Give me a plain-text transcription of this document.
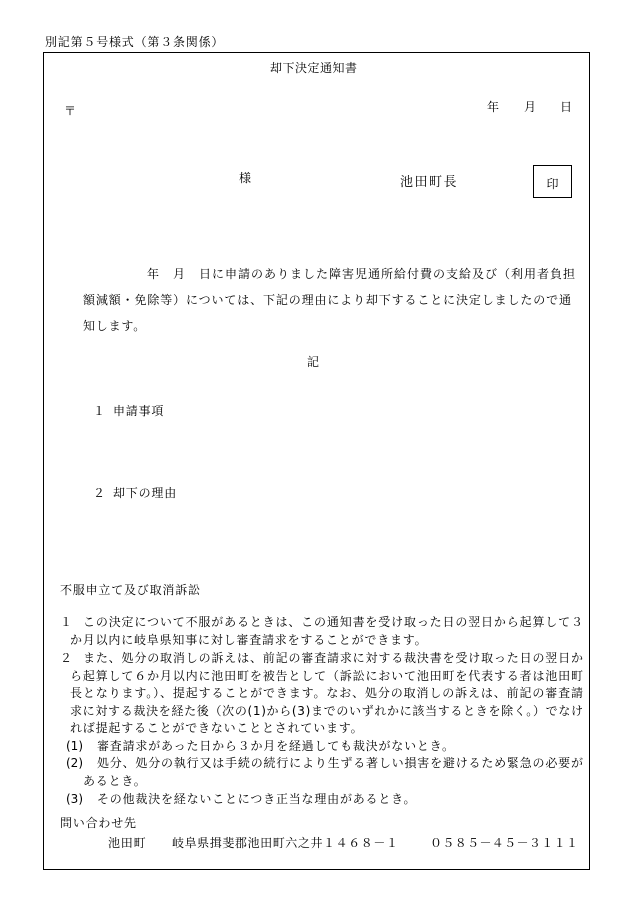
別記第５号様式（第３条関係）
却下決定通知書
〒	年 月 日
様	池田町長	印
年　月　日に申請のありました障害児通所給付費の支給及び（利用者負担
額減額・免除等）については、下記の理由により却下することに決定しましたので通
知します。
記
１ 申請事項
２ 却下の理由
不服申立て及び取消訴訟
１ この決定について不服があるときは、この通知書を受け取った日の翌日から起算して３
か月以内に岐阜県知事に対し審査請求をすることができます。
２ また、処分の取消しの訴えは、前記の審査請求に対する裁決書を受け取った日の翌日か
ら起算して６か月以内に池田町を被告として（訴訟において池田町を代表する者は池田町
長となります。）、提起することができます。なお、処分の取消しの訴えは、前記の審査請
求に対する裁決を経た後（次の(1)から(3)までのいずれかに該当するときを除く。）でなけ
れば提起することができないこととされています。
(1) 審査請求があった日から３か月を経過しても裁決がないとき。
(2) 処分、処分の執行又は手続の続行により生ずる著しい損害を避けるため緊急の必要が
あるとき。
(3) その他裁決を経ないことにつき正当な理由があるとき。
問い合わせ先
池田町 岐阜県揖斐郡池田町六之井１４６８－１	０５８５－４５－３１１１
